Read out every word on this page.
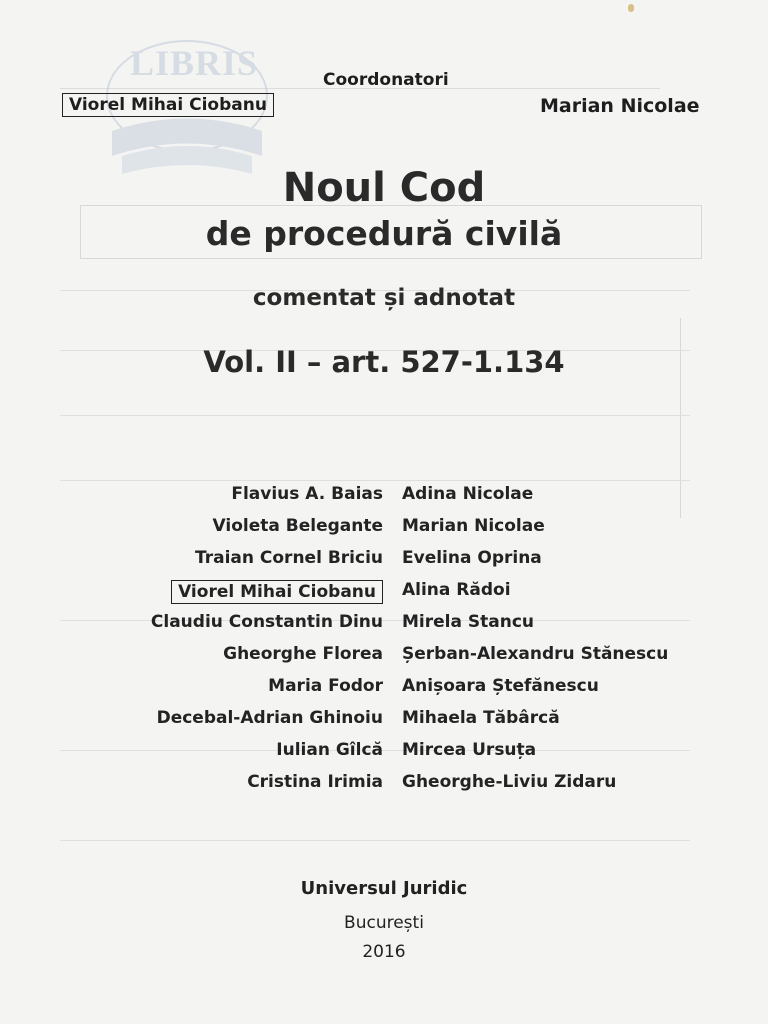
LIBRIS	Coordonatori
Viorel Mihai Ciobanu	Marian Nicolae
Noul Cod
de procedură civilă
comentat și adnotat
Vol. II – art. 527-1.134
Flavius A. Baias
Violeta Belegante
Traian Cornel Briciu
Viorel Mihai Ciobanu
Claudiu Constantin Dinu
Gheorghe Florea
Maria Fodor
Decebal-Adrian Ghinoiu
Iulian Gîlcă
Cristina Irimia
Adina Nicolae
Marian Nicolae
Evelina Oprina
Alina Rădoi
Mirela Stancu
Șerban-Alexandru Stănescu
Anișoara Ștefănescu
Mihaela Tăbârcă
Mircea Ursuța
Gheorghe-Liviu Zidaru
Universul Juridic
București
2016
